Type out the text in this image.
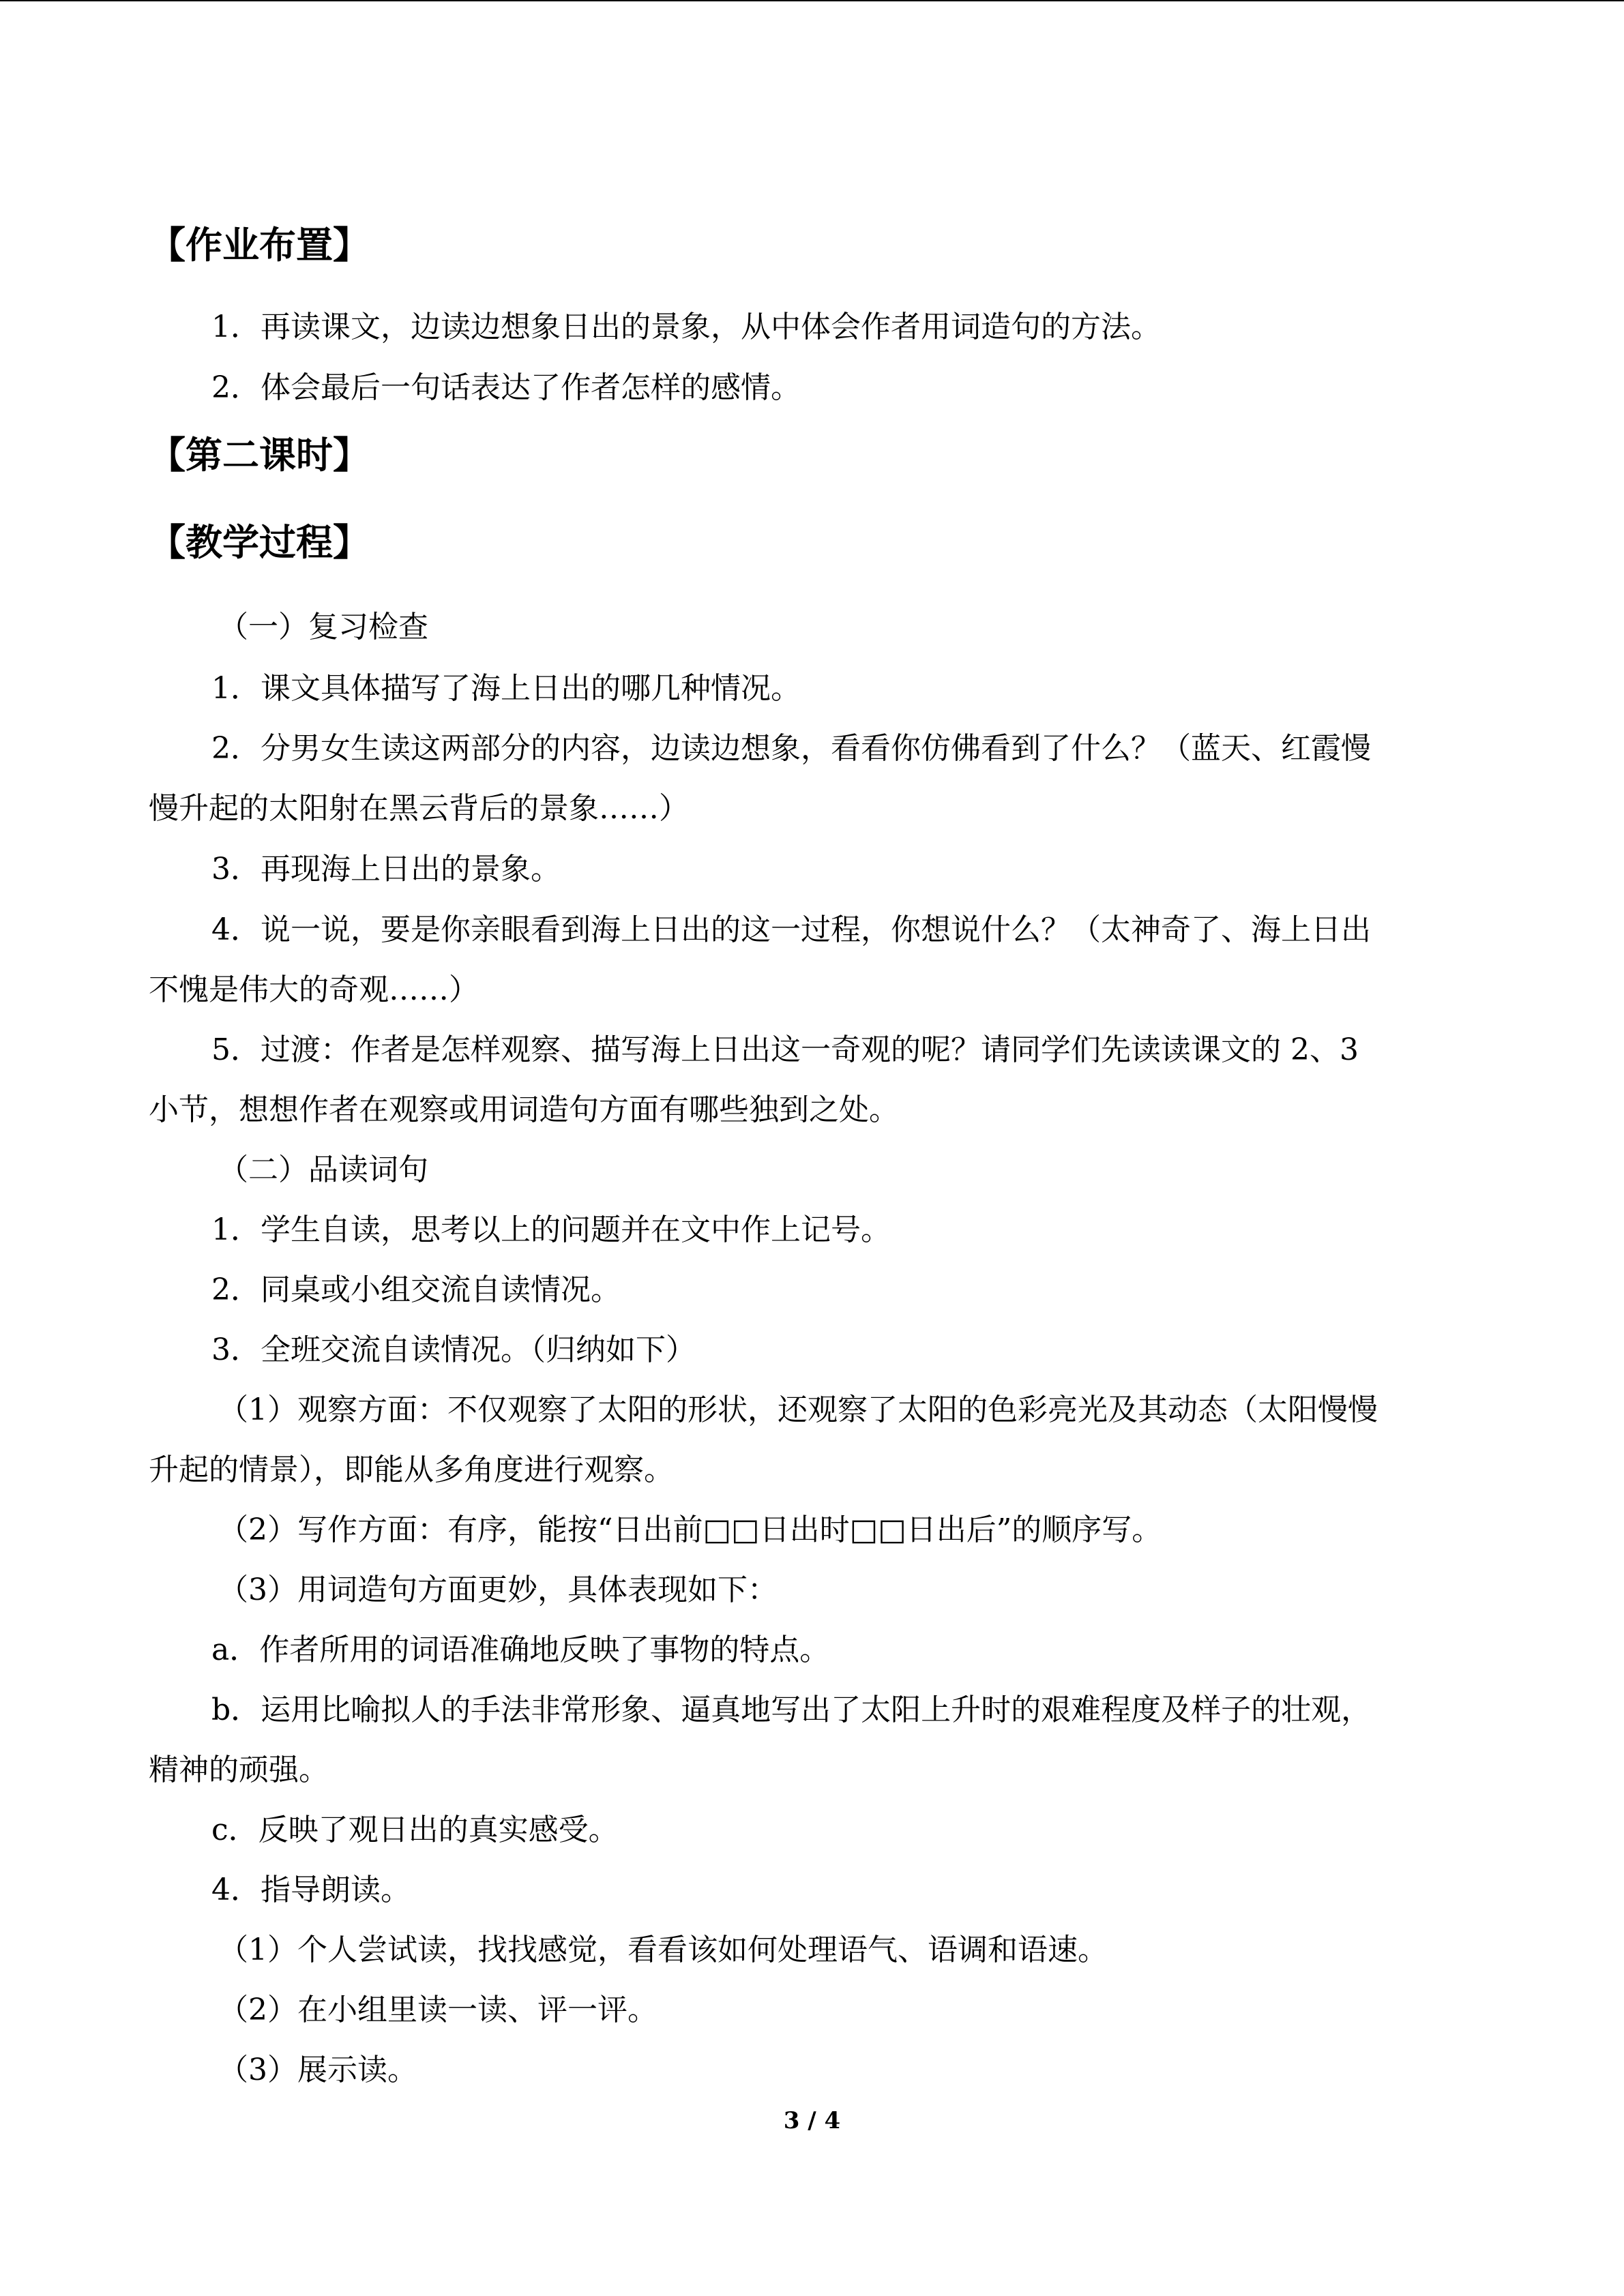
【作业布置】
1．再读课文，边读边想象日出的景象，从中体会作者用词造句的方法。
2．体会最后一句话表达了作者怎样的感情。
【第二课时】
【教学过程】
（一）复习检查
1．课文具体描写了海上日出的哪几种情况。
2．分男女生读这两部分的内容，边读边想象，看看你仿佛看到了什么？（蓝天、红霞慢
慢升起的太阳射在黑云背后的景象……）
3．再现海上日出的景象。
4．说一说，要是你亲眼看到海上日出的这一过程，你想说什么？（太神奇了、海上日出
不愧是伟大的奇观……）
5．过渡：作者是怎样观察、描写海上日出这一奇观的呢？请同学们先读读课文的 2、3
小节，想想作者在观察或用词造句方面有哪些独到之处。
（二）品读词句
1．学生自读，思考以上的问题并在文中作上记号。
2．同桌或小组交流自读情况。
3．全班交流自读情况。（归纳如下）
（1）观察方面：不仅观察了太阳的形状，还观察了太阳的色彩亮光及其动态（太阳慢慢
升起的情景），即能从多角度进行观察。
（2）写作方面：有序，能按“日出前□□日出时□□日出后”的顺序写。
（3）用词造句方面更妙，具体表现如下：
a．作者所用的词语准确地反映了事物的特点。
b．运用比喻拟人的手法非常形象、逼真地写出了太阳上升时的艰难程度及样子的壮观，
精神的顽强。
c．反映了观日出的真实感受。
4．指导朗读。
（1）个人尝试读，找找感觉，看看该如何处理语气、语调和语速。
（2）在小组里读一读、评一评。
（3）展示读。
3 / 4
